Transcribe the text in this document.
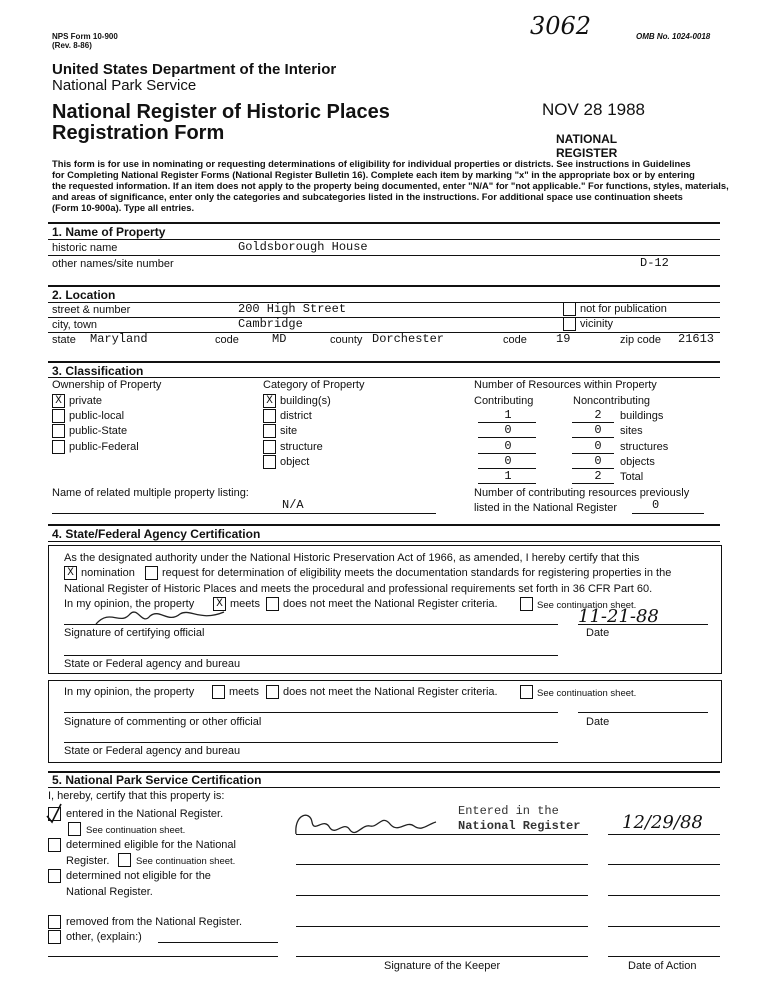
NPS Form 10-900
(Rev. 8-86)
3062	OMB No. 1024-0018
United States Department of the Interior
National Park Service
National Register of Historic Places
Registration Form
NOV 28 1988
NATIONAL
REGISTER
This form is for use in nominating or requesting determinations of eligibility for individual properties or districts. See instructions in Guidelines
for Completing National Register Forms (National Register Bulletin 16). Complete each item by marking "x" in the appropriate box or by entering
the requested information. If an item does not apply to the property being documented, enter "N/A" for "not applicable." For functions, styles, materials,
and areas of significance, enter only the categories and subcategories listed in the instructions. For additional space use continuation sheets
(Form 10-900a). Type all entries.
1. Name of Property
historic name	Goldsborough House
other names/site number	D-12
2. Location
street & number	200 High Street	not for publication
city, town	Cambridge	vicinity
state Maryland	code	MD	county Dorchester	code 19	zip code 21613
3. Classification
Ownership of Property
X private
public-local
public-State
public-Federal
Category of Property
X building(s)
district
site
structure
object
Number of Resources within Property
Contributing	Noncontributing
1	2	buildings
0	0	sites
0	0	structures
0	0	objects
1	2	Total
Name of related multiple property listing:
N/A
Number of contributing resources previously
listed in the National Register	0
4. State/Federal Agency Certification
As the designated authority under the National Historic Preservation Act of 1966, as amended, I hereby certify that this
X nomination request for determination of eligibility meets the documentation standards for registering properties in the
National Register of Historic Places and meets the procedural and professional requirements set forth in 36 CFR Part 60.
In my opinion, the property X meets does not meet the National Register criteria.	See continuation sheet.
11-21-88
Signature of certifying official	Date
State or Federal agency and bureau
In my opinion, the property	meets does not meet the National Register criteria.	See continuation sheet.
Signature of commenting or other official	Date
State or Federal agency and bureau
5. National Park Service Certification
I, hereby, certify that this property is:
entered in the National Register.
See continuation sheet.
determined eligible for the National
Register.	See continuation sheet.
determined not eligible for the
National Register.
removed from the National Register.
other, (explain:)
Entered in the
National Register 12/29/88
Signature of the Keeper	Date of Action
